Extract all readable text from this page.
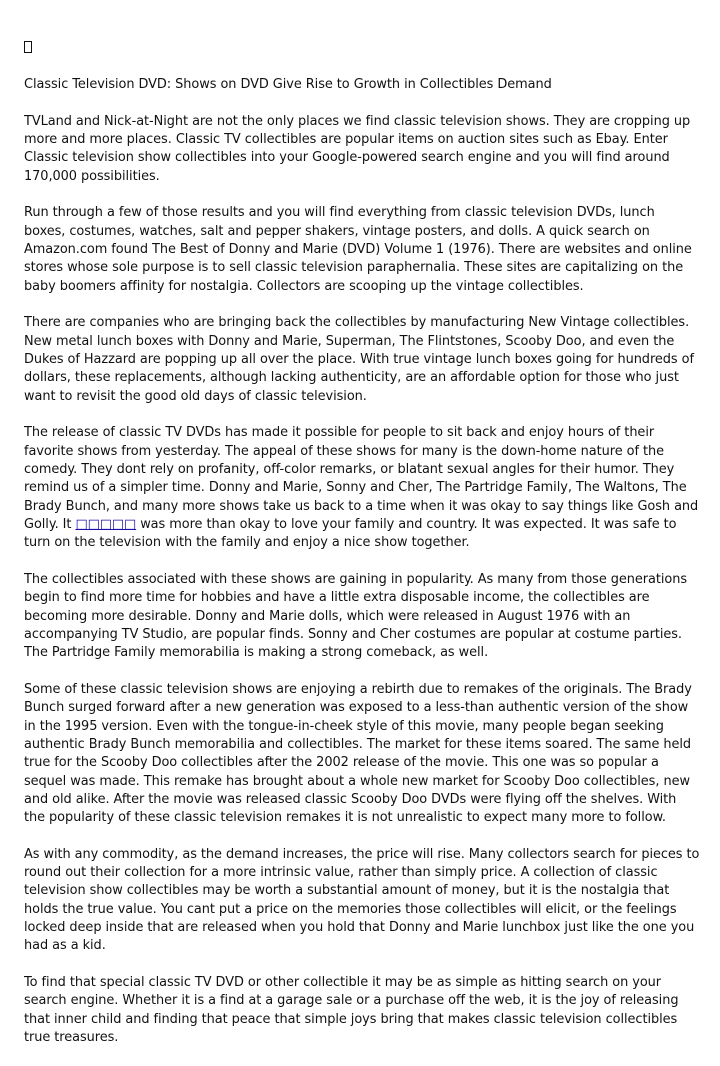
Classic Television DVD: Shows on DVD Give Rise to Growth in Collectibles Demand

TVLand and Nick-at-Night are not the only places we find classic television shows. They are cropping up more and more places. Classic TV collectibles are popular items on auction sites such as Ebay. Enter Classic television show collectibles into your Google-powered search engine and you will find around 170,000 possibilities.

Run through a few of those results and you will find everything from classic television DVDs, lunch boxes, costumes, watches, salt and pepper shakers, vintage posters, and dolls. A quick search on Amazon.com found The Best of Donny and Marie (DVD) Volume 1 (1976). There are websites and online stores whose sole purpose is to sell classic television paraphernalia. These sites are capitalizing on the baby boomers affinity for nostalgia. Collectors are scooping up the vintage collectibles.

There are companies who are bringing back the collectibles by manufacturing New Vintage collectibles. New metal lunch boxes with Donny and Marie, Superman, The Flintstones, Scooby Doo, and even the Dukes of Hazzard are popping up all over the place. With true vintage lunch boxes going for hundreds of dollars, these replacements, although lacking authenticity, are an affordable option for those who just want to revisit the good old days of classic television.

The release of classic TV DVDs has made it possible for people to sit back and enjoy hours of their favorite shows from yesterday. The appeal of these shows for many is the down-home nature of the comedy. They dont rely on profanity, off-color remarks, or blatant sexual angles for their humor. They remind us of a simpler time. Donny and Marie, Sonny and Cher, The Partridge Family, The Waltons, The Brady Bunch, and many more shows take us back to a time when it was okay to say things like Gosh and Golly. It □□□□□ was more than okay to love your family and country. It was expected. It was safe to turn on the television with the family and enjoy a nice show together.

The collectibles associated with these shows are gaining in popularity. As many from those generations begin to find more time for hobbies and have a little extra disposable income, the collectibles are becoming more desirable. Donny and Marie dolls, which were released in August 1976 with an accompanying TV Studio, are popular finds. Sonny and Cher costumes are popular at costume parties. The Partridge Family memorabilia is making a strong comeback, as well.

Some of these classic television shows are enjoying a rebirth due to remakes of the originals. The Brady Bunch surged forward after a new generation was exposed to a less-than authentic version of the show in the 1995 version. Even with the tongue-in-cheek style of this movie, many people began seeking authentic Brady Bunch memorabilia and collectibles. The market for these items soared. The same held true for the Scooby Doo collectibles after the 2002 release of the movie. This one was so popular a sequel was made. This remake has brought about a whole new market for Scooby Doo collectibles, new and old alike. After the movie was released classic Scooby Doo DVDs were flying off the shelves. With the popularity of these classic television remakes it is not unrealistic to expect many more to follow.

As with any commodity, as the demand increases, the price will rise. Many collectors search for pieces to round out their collection for a more intrinsic value, rather than simply price. A collection of classic television show collectibles may be worth a substantial amount of money, but it is the nostalgia that holds the true value. You cant put a price on the memories those collectibles will elicit, or the feelings locked deep inside that are released when you hold that Donny and Marie lunchbox just like the one you had as a kid.

To find that special classic TV DVD or other collectible it may be as simple as hitting search on your search engine. Whether it is a find at a garage sale or a purchase off the web, it is the joy of releasing that inner child and finding that peace that simple joys bring that makes classic television collectibles true treasures.
